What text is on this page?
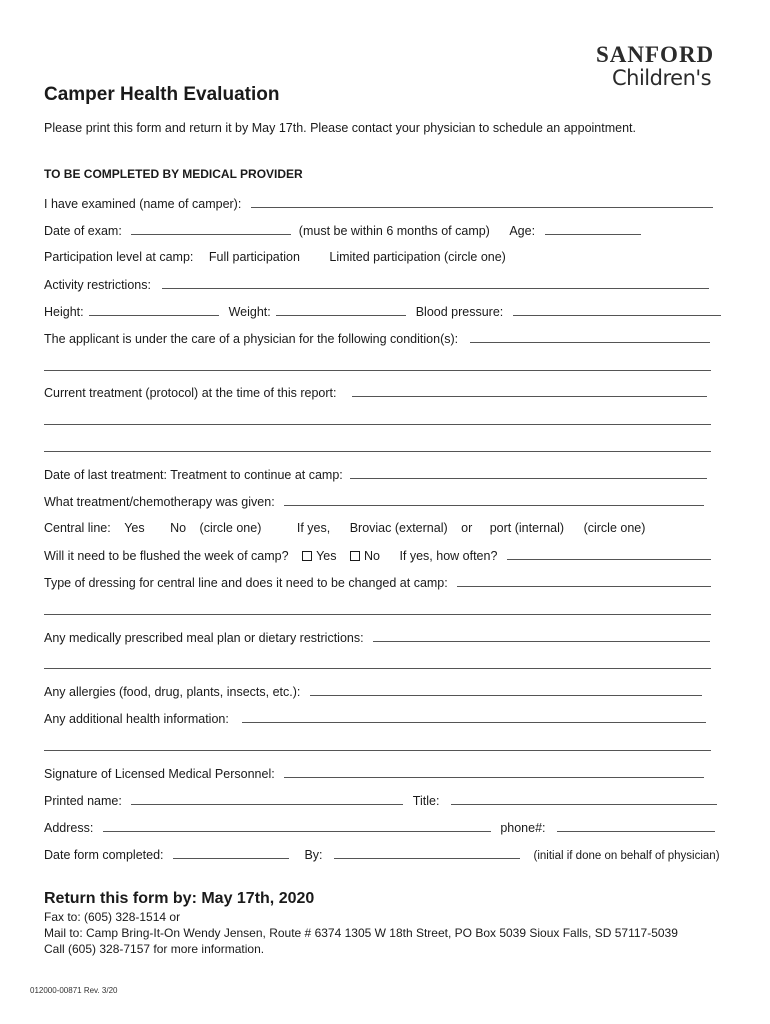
SANFORD
Children's
Camper Health Evaluation
Please print this form and return it by May 17th. Please contact your physician to schedule an appointment.
TO BE COMPLETED BY MEDICAL PROVIDER
I have examined (name of camper):
Date of exam:	(must be within 6 months of camp) Age:
Participation level at camp: Full participation Limited participation (circle one)
Activity restrictions:
Height:	Weight:	Blood pressure:
The applicant is under the care of a physician for the following condition(s):
Current treatment (protocol) at the time of this report:
Date of last treatment: Treatment to continue at camp:
What treatment/chemotherapy was given:
Central line: Yes No (circle one)	If yes, Broviac (external) or port (internal) (circle one)
Will it need to be flushed the week of camp? Yes No If yes, how often?
Type of dressing for central line and does it need to be changed at camp:
Any medically prescribed meal plan or dietary restrictions:
Any allergies (food, drug, plants, insects, etc.):
Any additional health information:
Signature of Licensed Medical Personnel:
Printed name:	Title:
Address:	phone#:
Date form completed:	By:	(initial if done on behalf of physician)
Return this form by: May 17th, 2020
Fax to: (605) 328-1514 or
Mail to: Camp Bring-It-On Wendy Jensen, Route # 6374 1305 W 18th Street, PO Box 5039 Sioux Falls, SD 57117-5039
Call (605) 328-7157 for more information.
012000-00871 Rev. 3/20
